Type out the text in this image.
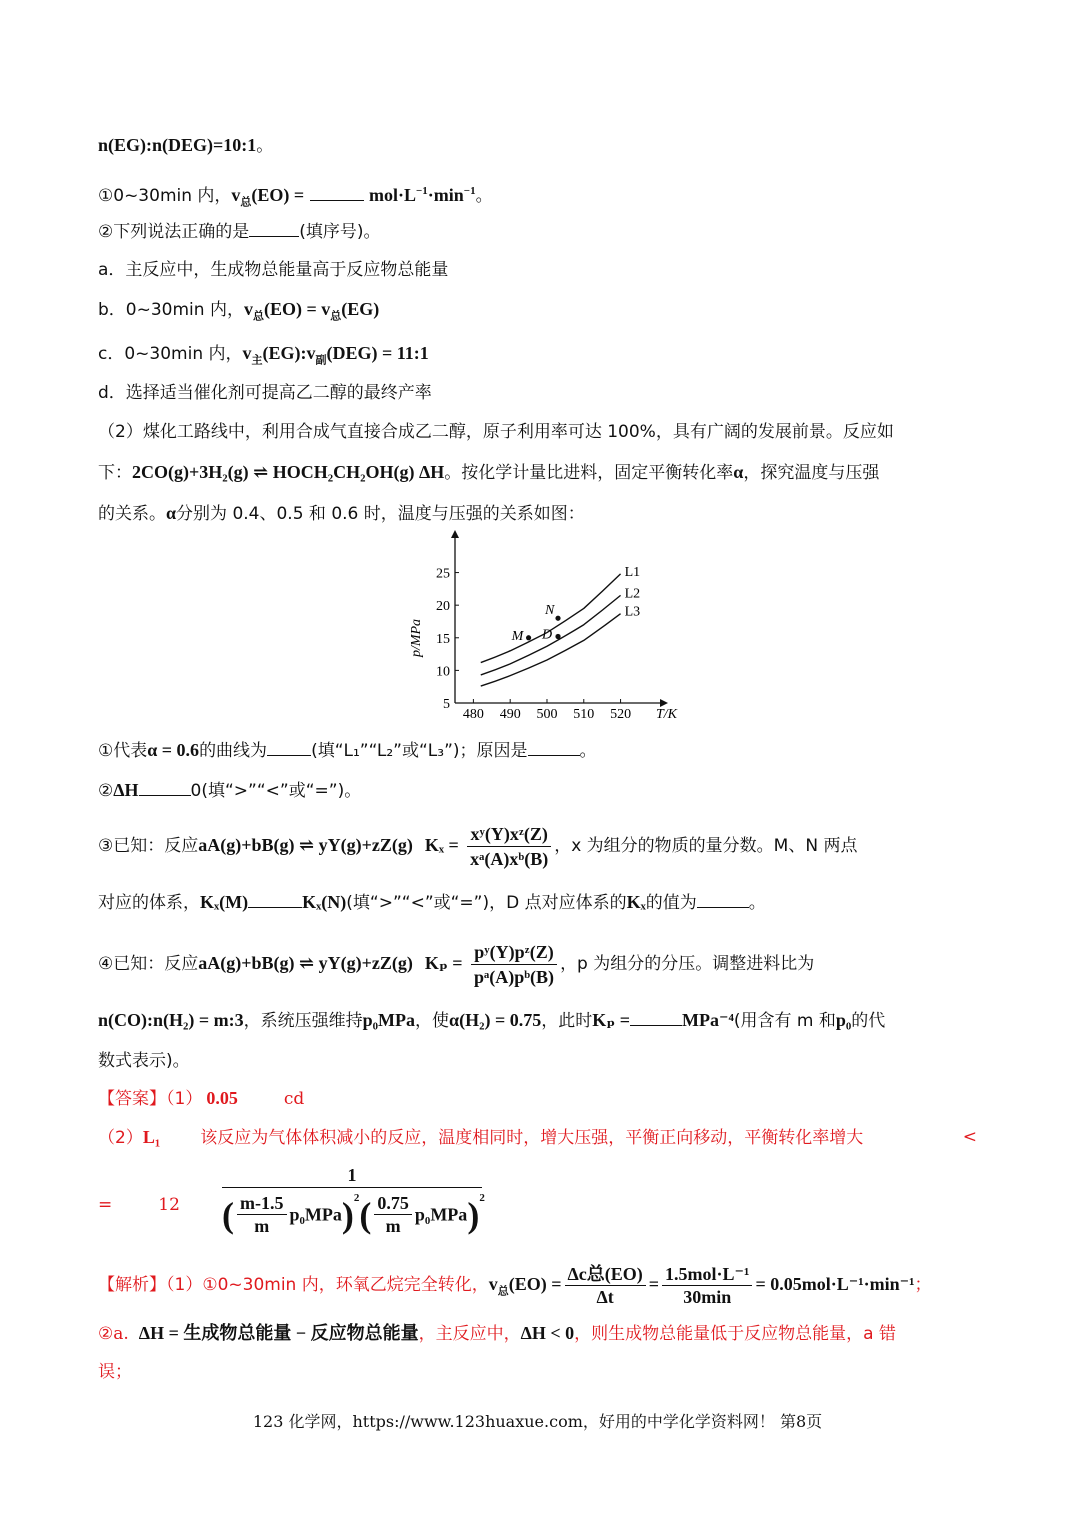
n(EG):n(DEG)=10:1。
①0~30min 内，$v_总(EO)$ =	$mol\cdot L^{-1}\cdot\min^{-1}$。
②下列说法正确的是	(填序号)。
a．主反应中，生成物总能量高于反应物总能量
b．0~30min 内，$v_总(EO) = v_总(EG)$
c．0~30min 内，$v_主(EG):v_副(DEG)$ = 11:1
d．选择适当催化剂可提高乙二醇的最终产率
（2）煤化工路线中，利用合成气直接合成乙二醇，原子利用率可达 100%，具有广阔的发展前景。反应如
下：2CO(g)+3H₂(g) ⇌ HOCH₂CH₂OH(g) ΔH。按化学计量比进料，固定平衡转化率α，探究温度与压强
的关系。α分别为 0.4、0.5 和 0.6 时，温度与压强的关系如图：
480 490 500 510 520
5
10
15
20
25
T/K
p/MPa
L1
L2
L3
M
N
D
①代表α = 0.6的曲线为	(填“L₁”“L₂”或“L₃”)；原因是	。
②ΔH	0(填“>”“<”或“=”)。
③已知：反应aA(g)+bB(g) ⇌ yY(g)+zZ(g) $K_x = \frac{\text{xʸ(Y)xᶻ(Z)}}{\text{xᵃ(A)xᵇ(B)}}$ ，x 为组分的物质的量分数。M、N 两点
对应的体系，Kₓ(M)	Kₓ(N)(填“>”“<”或“=”)，D 点对应体系的Kₓ的值为	。
④已知：反应aA(g)+bB(g) ⇌ yY(g)+zZ(g) $K_p = \frac{\text{pʸ(Y)pᶻ(Z)}}{\text{pᵃ(A)pᵇ(B)}}$ ，p 为组分的分压。调整进料比为
n(CO):n(H₂) = m:3，系统压强维持p₀MPa，使α(H₂) = 0.75，此时Kₚ =	MPa⁻⁴(用含有 m 和p₀的代
数式表示)。
【答案】（1） 0.05	cd
（2）L₁ 该反应为气体体积减小的反应，温度相同时，增大压强，平衡正向移动，平衡转化率增大	<
=	12
1
( $\frac{m-1.5}{m} p_0MPa)^2( \frac{0.75}{m} p_0MPa)^2$
【解析】（1）①0~30min 内，环氧乙烷完全转化，$v_总(EO) = \frac{\text{Δc总(EO)}}{\Delta t} = \frac{\text{1.5mol·L⁻¹}}{30\min} = 0.05mol\cdot L^{-1}\cdot\min^{-1}$；
②a. ΔH = 生成物总能量 − 反应物总能量，主反应中，ΔH < 0，则生成物总能量低于反应物总能量，a 错
误；
123 化学网，https://www.123huaxue.com，好用的中学化学资料网！ 第8页
